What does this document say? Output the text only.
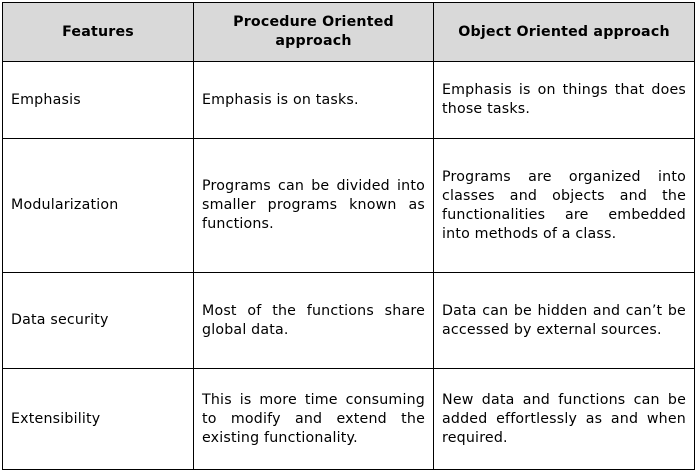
Features	Procedure Oriented approach	Object Oriented approach
Emphasis	Emphasis is on tasks.	Emphasis is on things that does those tasks.
Modularization	Programs can be divided into smaller programs known as functions.	Programs are organized into classes and objects and the functionalities are embedded into methods of a class.
Data security	Most of the functions share global data.	Data can be hidden and can’t be accessed by external sources.
Extensibility	This is more time consuming to modify and extend the existing functionality.	New data and functions can be added effortlessly as and when required.
